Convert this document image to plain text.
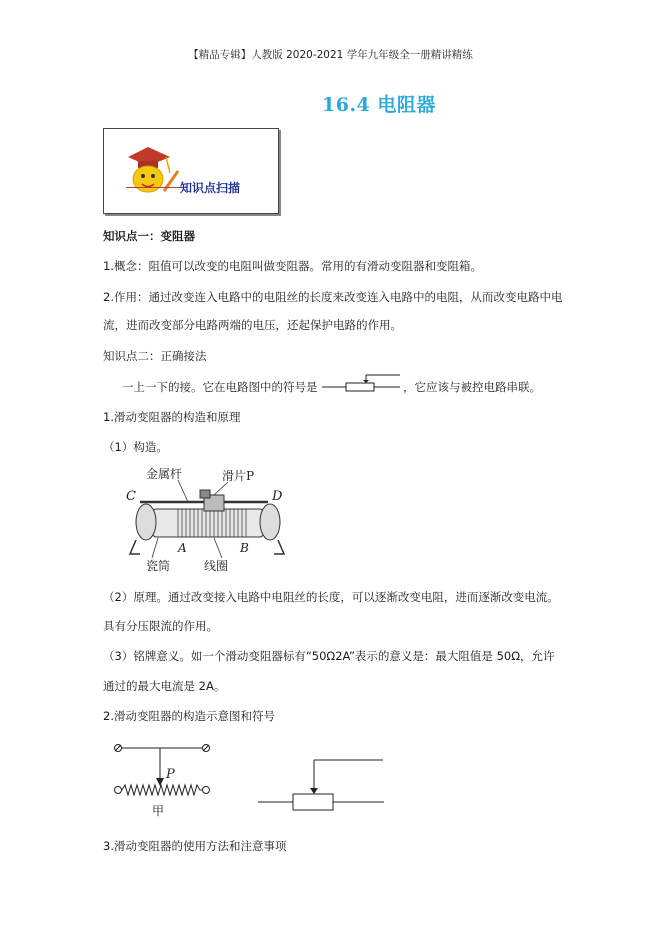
【精品专辑】人教版 2020-2021 学年九年级全一册精讲精练
16.4 电阻器
知识点扫描
知识点一：变阻器
1.概念：阻值可以改变的电阻叫做变阻器。常用的有滑动变阻器和变阻箱。
2.作用：通过改变连入电路中的电阻丝的长度来改变连入电路中的电阻，从而改变电路中电
流，进而改变部分电路两端的电压，还起保护电路的作用。
知识点二：正确接法
一上一下的接。它在电路图中的符号是	，它应该与被控电路串联。
1.滑动变阻器的构造和原理
（1）构造。
金属杆	滑片P
C	D
A	B
瓷筒	线圈
（2）原理。通过改变接入电路中电阻丝的长度，可以逐渐改变电阻，进而逐渐改变电流。
具有分压限流的作用。
（3）铭牌意义。如一个滑动变阻器标有“50Ω2A”表示的意义是：最大阻值是 50Ω，允许
通过的最大电流是 2A。
2.滑动变阻器的构造示意图和符号
P
甲
3.滑动变阻器的使用方法和注意事项
